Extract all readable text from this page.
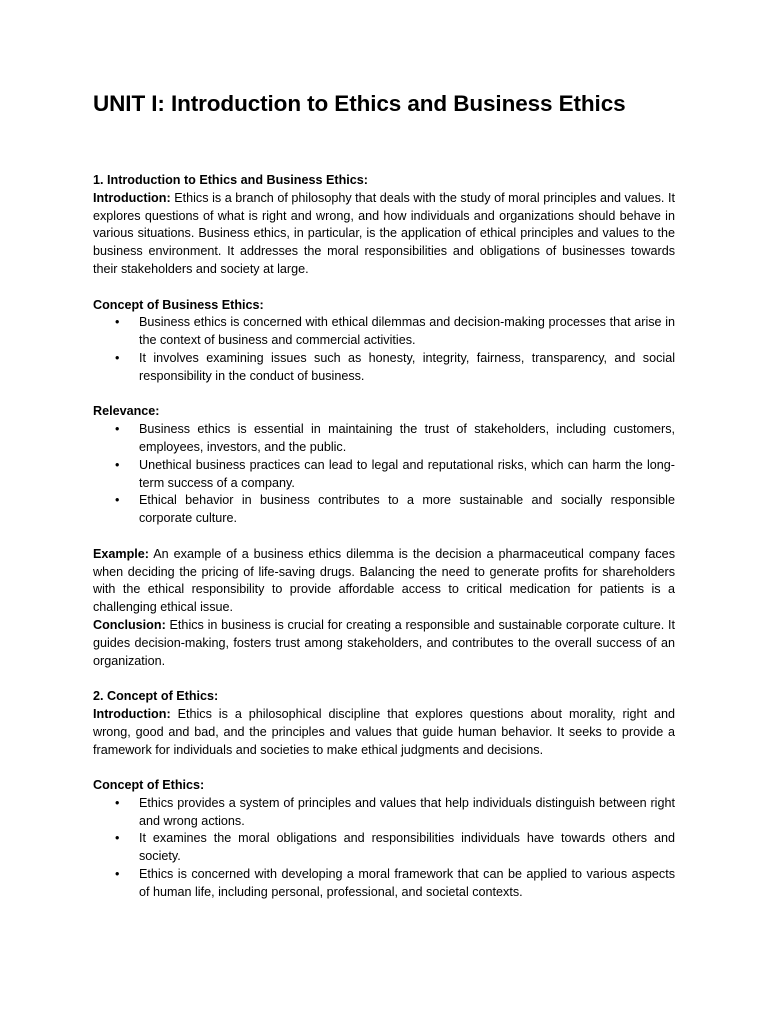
UNIT I: Introduction to Ethics and Business Ethics

1. Introduction to Ethics and Business Ethics:

Introduction: Ethics is a branch of philosophy that deals with the study of moral principles and values. It explores questions of what is right and wrong, and how individuals and organizations should behave in various situations. Business ethics, in particular, is the application of ethical principles and values to the business environment. It addresses the moral responsibilities and obligations of businesses towards their stakeholders and society at large.

Concept of Business Ethics:

• Business ethics is concerned with ethical dilemmas and decision-making processes that arise in the context of business and commercial activities.
• It involves examining issues such as honesty, integrity, fairness, transparency, and social responsibility in the conduct of business.

Relevance:

• Business ethics is essential in maintaining the trust of stakeholders, including customers, employees, investors, and the public.
• Unethical business practices can lead to legal and reputational risks, which can harm the long-term success of a company.
• Ethical behavior in business contributes to a more sustainable and socially responsible corporate culture.

Example: An example of a business ethics dilemma is the decision a pharmaceutical company faces when deciding the pricing of life-saving drugs. Balancing the need to generate profits for shareholders with the ethical responsibility to provide affordable access to critical medication for patients is a challenging ethical issue.

Conclusion: Ethics in business is crucial for creating a responsible and sustainable corporate culture. It guides decision-making, fosters trust among stakeholders, and contributes to the overall success of an organization.

2. Concept of Ethics:

Introduction: Ethics is a philosophical discipline that explores questions about morality, right and wrong, good and bad, and the principles and values that guide human behavior. It seeks to provide a framework for individuals and societies to make ethical judgments and decisions.

Concept of Ethics:

• Ethics provides a system of principles and values that help individuals distinguish between right and wrong actions.
• It examines the moral obligations and responsibilities individuals have towards others and society.
• Ethics is concerned with developing a moral framework that can be applied to various aspects of human life, including personal, professional, and societal contexts.
